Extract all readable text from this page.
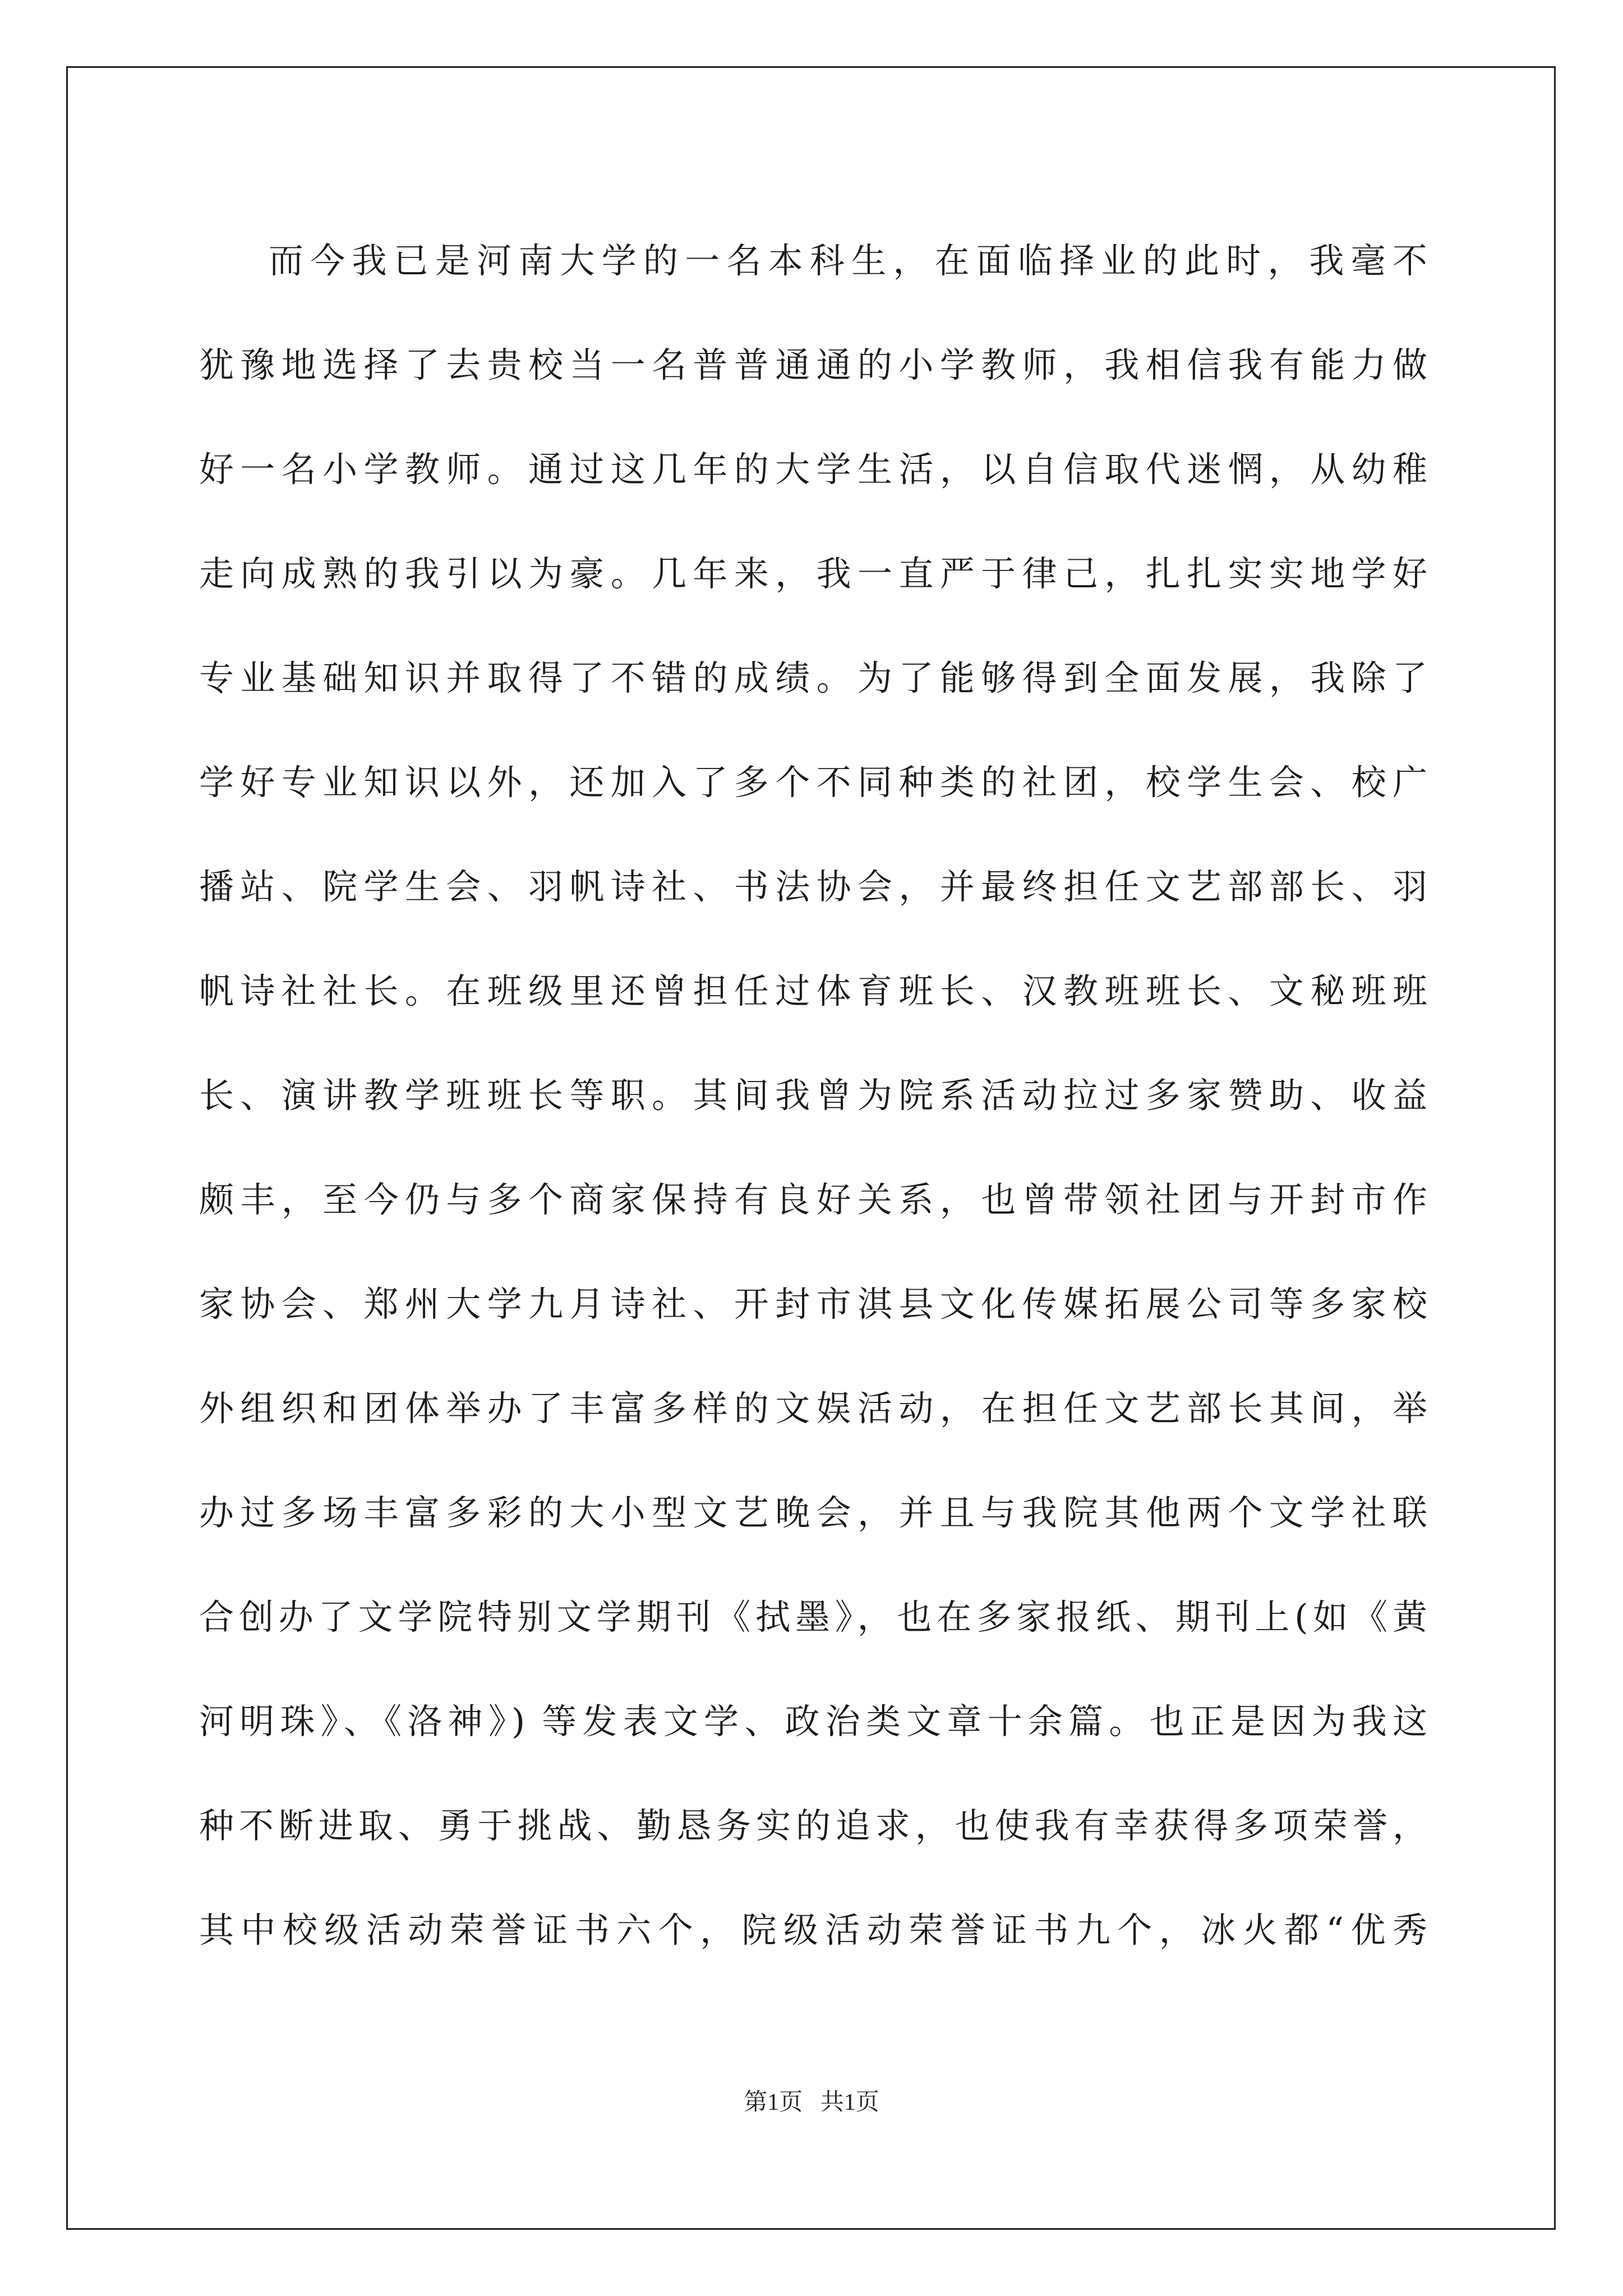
而今我已是河南大学的一名本科生，在面临择业的此时，我毫不
犹豫地选择了去贵校当一名普普通通的小学教师，我相信我有能力做
好一名小学教师。通过这几年的大学生活，以自信取代迷惘，从幼稚
走向成熟的我引以为豪。几年来，我一直严于律己，扎扎实实地学好
专业基础知识并取得了不错的成绩。为了能够得到全面发展，我除了
学好专业知识以外，还加入了多个不同种类的社团，校学生会、校广
播站、院学生会、羽帆诗社、书法协会，并最终担任文艺部部长、羽
帆诗社社长。在班级里还曾担任过体育班长、汉教班班长、文秘班班
长、演讲教学班班长等职。其间我曾为院系活动拉过多家赞助、收益
颇丰，至今仍与多个商家保持有良好关系，也曾带领社团与开封市作
家协会、郑州大学九月诗社、开封市淇县文化传媒拓展公司等多家校
外组织和团体举办了丰富多样的文娱活动，在担任文艺部长其间，举
办过多场丰富多彩的大小型文艺晚会，并且与我院其他两个文学社联
合创办了文学院特别文学期刊《拭墨》，也在多家报纸、期刊上(如《黄
河明珠》、《洛神》) 等发表文学、政治类文章十余篇。也正是因为我这
种不断进取、勇于挑战、勤恳务实的追求，也使我有幸获得多项荣誉，
其中校级活动荣誉证书六个，院级活动荣誉证书九个，冰火都“优秀
第1页   共1页
